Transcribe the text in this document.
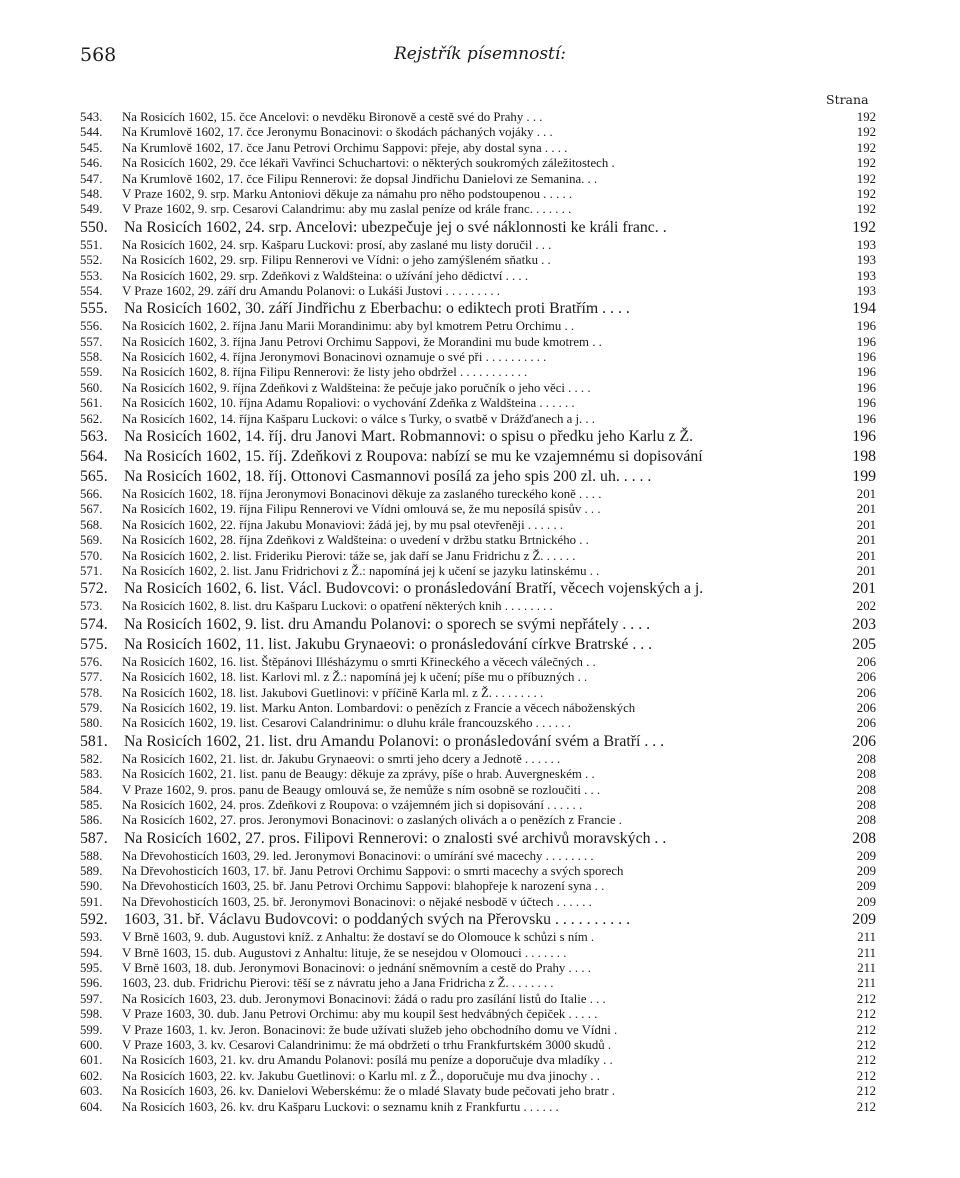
568	Rejstřík písemností:
Strana
543. Na Rosicích 1602, 15. čce Ancelovi: o nevděku Bironově a cestě své do Prahy . . .	192
544. Na Krumlově 1602, 17. čce Jeronymu Bonacinovi: o škodách páchaných vojáky . . .	192
545. Na Krumlově 1602, 17. čce Janu Petrovi Orchimu Sappovi: přeje, aby dostal syna . . . .	192
546. Na Rosicích 1602, 29. čce lékaři Vavřinci Schuchartovi: o některých soukromých záležitostech .	192
547. Na Krumlově 1602, 17. čce Filipu Rennerovi: že dopsal Jindřichu Danielovi ze Semanina. . .	192
548. V Praze 1602, 9. srp. Marku Antoniovi děkuje za námahu pro něho podstoupenou . . . . .	192
549. V Praze 1602, 9. srp. Cesarovi Calandrimu: aby mu zaslal peníze od krále franc. . . . . . .	192
550. Na Rosicích 1602, 24. srp. Ancelovi: ubezpečuje jej o své náklonnosti ke králi franc. .	192
551. Na Rosicích 1602, 24. srp. Kašparu Luckovi: prosí, aby zaslané mu listy doručil . . .	193
552. Na Rosicích 1602, 29. srp. Filipu Rennerovi ve Vídni: o jeho zamýšleném sňatku . .	193
553. Na Rosicích 1602, 29. srp. Zdeňkovi z Waldšteina: o užívání jeho dědictví . . . .	193
554. V Praze 1602, 29. září dru Amandu Polanovi: o Lukáši Justovi . . . . . . . . .	193
555. Na Rosicích 1602, 30. září Jindřichu z Eberbachu: o ediktech proti Bratřím . . . .	194
556. Na Rosicích 1602, 2. října Janu Marii Morandinimu: aby byl kmotrem Petru Orchimu . .	196
557. Na Rosicích 1602, 3. října Janu Petrovi Orchimu Sappovi, že Morandini mu bude kmotrem . .	196
558. Na Rosicích 1602, 4. října Jeronymovi Bonacinovi oznamuje o své při . . . . . . . . . .	196
559. Na Rosicích 1602, 8. října Filipu Rennerovi: že listy jeho obdržel . . . . . . . . . . .	196
560. Na Rosicích 1602, 9. října Zdeňkovi z Waldšteina: že pečuje jako poručník o jeho věci . . . .	196
561. Na Rosicích 1602, 10. října Adamu Ropaliovi: o vychování Zdeňka z Waldšteina . . . . . .	196
562. Na Rosicích 1602, 14. října Kašparu Luckovi: o válce s Turky, o svatbě v Drážďanech a j. . .	196
563. Na Rosicích 1602, 14. říj. dru Janovi Mart. Robmannovi: o spisu o předku jeho Karlu z Ž.	196
564. Na Rosicích 1602, 15. říj. Zdeňkovi z Roupova: nabízí se mu ke vzajemnému si dopisování	198
565. Na Rosicích 1602, 18. říj. Ottonovi Casmannovi posílá za jeho spis 200 zl. uh. . . . .	199
566. Na Rosicích 1602, 18. října Jeronymovi Bonacinovi děkuje za zaslaného tureckého koně . . . .	201
567. Na Rosicích 1602, 19. října Filipu Rennerovi ve Vídni omlouvá se, že mu neposílá spisův . . .	201
568. Na Rosicích 1602, 22. října Jakubu Monaviovi: žádá jej, by mu psal otevřeněji . . . . . .	201
569. Na Rosicích 1602, 28. října Zdeňkovi z Waldšteina: o uvedení v držbu statku Brtnického . .	201
570. Na Rosicích 1602, 2. list. Frideriku Pierovi: táže se, jak daří se Janu Fridrichu z Ž. . . . . .	201
571. Na Rosicích 1602, 2. list. Janu Fridrichovi z Ž.: napomíná jej k učení se jazyku latinskému . .	201
572. Na Rosicích 1602, 6. list. Václ. Budovcovi: o pronásledování Bratří, věcech vojenských a j.	201
573. Na Rosicích 1602, 8. list. dru Kašparu Luckovi: o opatření některých knih . . . . . . . .	202
574. Na Rosicích 1602, 9. list. dru Amandu Polanovi: o sporech se svými nepřátely . . . .	203
575. Na Rosicích 1602, 11. list. Jakubu Grynaeovi: o pronásledování církve Bratrské . . .	205
576. Na Rosicích 1602, 16. list. Štěpánovi Illésházymu o smrti Křineckého a věcech válečných . .	206
577. Na Rosicích 1602, 18. list. Karlovi ml. z Ž.: napomíná jej k učení; píše mu o příbuzných . .	206
578. Na Rosicích 1602, 18. list. Jakubovi Guetlinovi: v příčině Karla ml. z Ž. . . . . . . . .	206
579. Na Rosicích 1602, 19. list. Marku Anton. Lombardovi: o penězích z Francie a věcech náboženských	206
580. Na Rosicích 1602, 19. list. Cesarovi Calandrinimu: o dluhu krále francouzského . . . . . .	206
581. Na Rosicích 1602, 21. list. dru Amandu Polanovi: o pronásledování svém a Bratří . . .	206
582. Na Rosicích 1602, 21. list. dr. Jakubu Grynaeovi: o smrti jeho dcery a Jednotě . . . . . .	208
583. Na Rosicích 1602, 21. list. panu de Beaugy: děkuje za zprávy, píše o hrab. Auvergneském . .	208
584. V Praze 1602, 9. pros. panu de Beaugy omlouvá se, že nemůže s ním osobně se rozloučiti . . .	208
585. Na Rosicích 1602, 24. pros. Zdeňkovi z Roupova: o vzájemném jich si dopisování . . . . . .	208
586. Na Rosicích 1602, 27. pros. Jeronymovi Bonacinovi: o zaslaných olivách a o penězích z Francie .	208
587. Na Rosicích 1602, 27. pros. Filipovi Rennerovi: o znalosti své archivů moravských . .	208
588. Na Dřevohosticích 1603, 29. led. Jeronymovi Bonacinovi: o umírání své macechy . . . . . . . .	209
589. Na Dřevohosticích 1603, 17. bř. Janu Petrovi Orchimu Sappovi: o smrti macechy a svých sporech	209
590. Na Dřevohosticích 1603, 25. bř. Janu Petrovi Orchimu Sappovi: blahopřeje k narození syna . .	209
591. Na Dřevohosticích 1603, 25. bř. Jeronymovi Bonacinovi: o nějaké nesbodě v účtech . . . . . .	209
592. 1603, 31. bř. Václavu Budovcovi: o poddaných svých na Přerovsku . . . . . . . . . .	209
593. V Brně 1603, 9. dub. Augustovi kníž. z Anhaltu: že dostaví se do Olomouce k schůzi s ním .	211
594. V Brně 1603, 15. dub. Augustovi z Anhaltu: lituje, že se nesejdou v Olomouci . . . . . . .	211
595. V Brně 1603, 18. dub. Jeronymovi Bonacinovi: o jednání sněmovním a cestě do Prahy . . . .	211
596. 1603, 23. dub. Fridrichu Pierovi: těší se z návratu jeho a Jana Fridricha z Ž. . . . . . . .	211
597. Na Rosicích 1603, 23. dub. Jeronymovi Bonacinovi: žádá o radu pro zasílání listů do Italie . . .	212
598. V Praze 1603, 30. dub. Janu Petrovi Orchimu: aby mu koupil šest hedvábných čepiček . . . . .	212
599. V Praze 1603, 1. kv. Jeron. Bonacinovi: že bude užívati služeb jeho obchodního domu ve Vídni .	212
600. V Praze 1603, 3. kv. Cesarovi Calandrinimu: že má obdržeti o trhu Frankfurtském 3000 skudů .	212
601. Na Rosicích 1603, 21. kv. dru Amandu Polanovi: posílá mu peníze a doporučuje dva mladíky . .	212
602. Na Rosicích 1603, 22. kv. Jakubu Guetlinovi: o Karlu ml. z Ž., doporučuje mu dva jinochy . .	212
603. Na Rosicích 1603, 26. kv. Danielovi Weberskému: že o mladé Slavaty bude pečovati jeho bratr .	212
604. Na Rosicích 1603, 26. kv. dru Kašparu Luckovi: o seznamu knih z Frankfurtu . . . . . .	212
